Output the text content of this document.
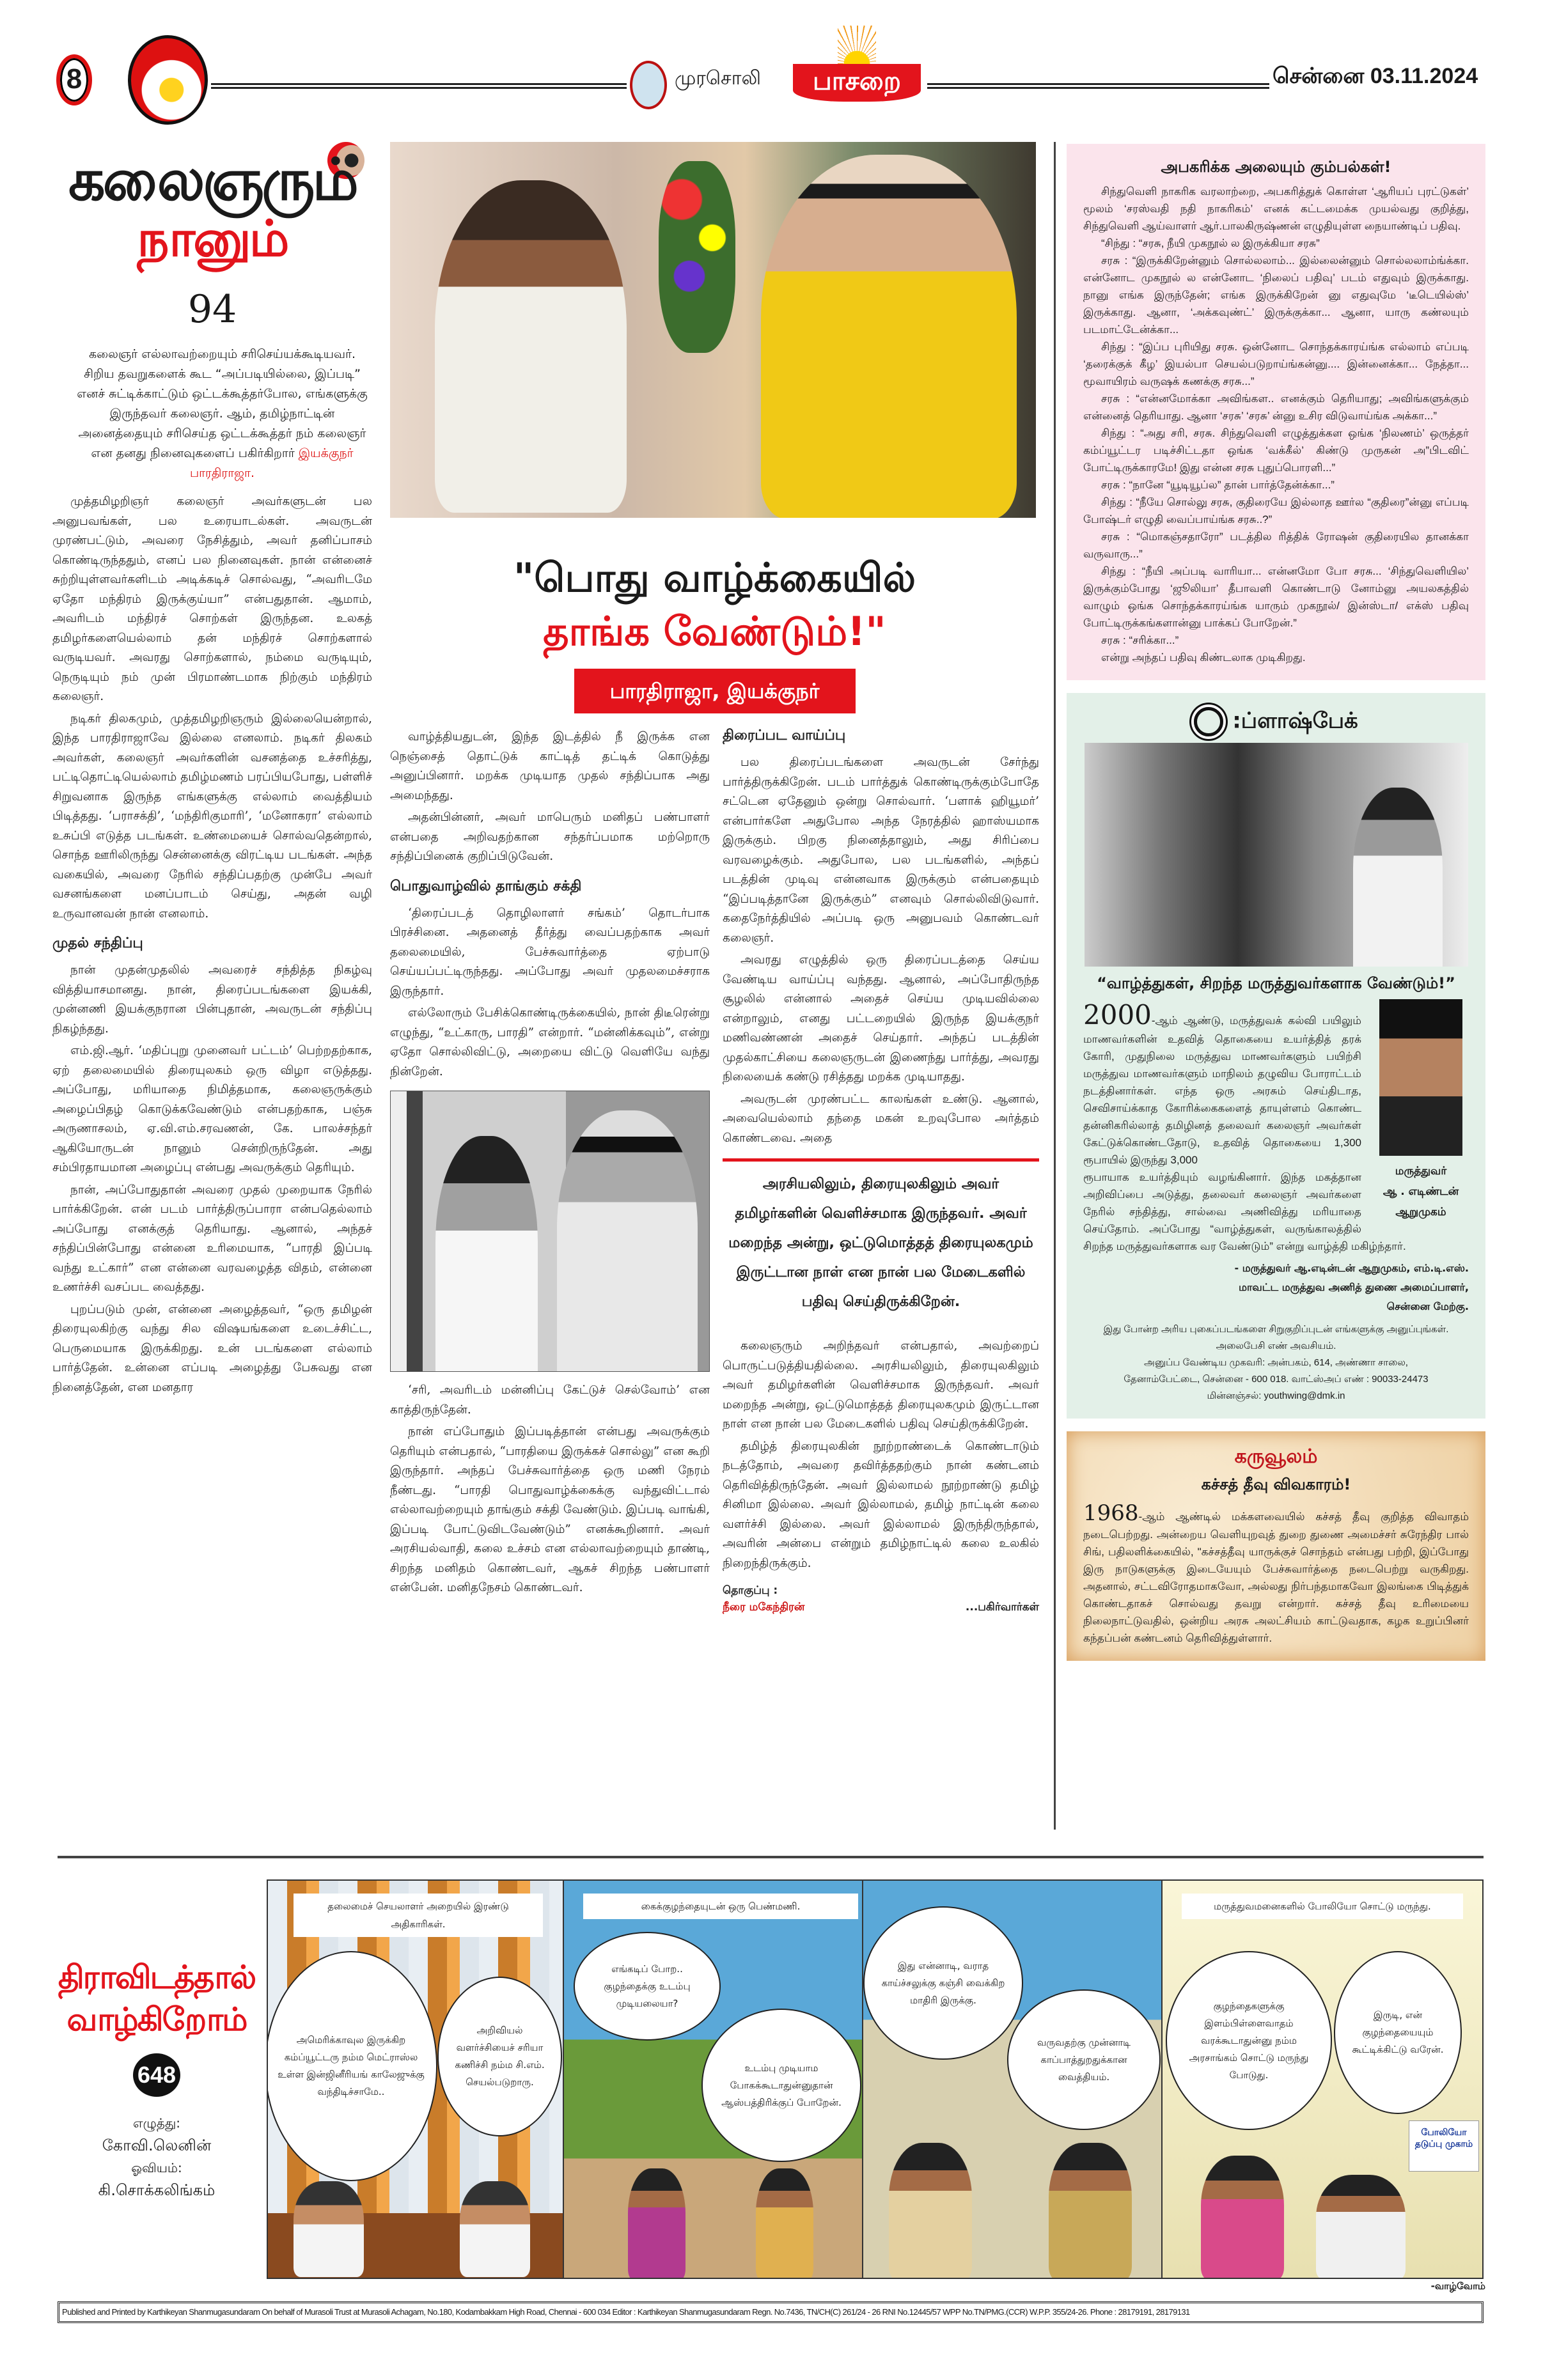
8	முரசொலி	பாசறை	சென்னை 03.11.2024
கலைஞரும்
நானும்
94
கலைஞர் எல்லாவற்றையும் சரிசெய்யக்கூடியவர். சிறிய தவறுகளைக் கூட “அப்படியில்லை, இப்படி” எனச் சுட்டிக்காட்டும் ஒட்டக்கூத்தர்போல, எங்களுக்கு இருந்தவர் கலைஞர். ஆம், தமிழ்நாட்டின் அனைத்தையும் சரிசெய்த ஒட்டக்கூத்தர் நம் கலைஞர் என தனது நினைவுகளைப் பகிர்கிறார் இயக்குநர் பாரதிராஜா.

முத்தமிழறிஞர் கலைஞர் அவர்களுடன் பல அனுபவங்கள், பல உரையாடல்கள். அவருடன் முரண்பட்டும், அவரை நேசித்தும், அவர் தனிப்பாசம் கொண்டிருந்ததும், எனப் பல நினைவுகள். நான் என்னைச் சுற்றியுள்ளவர்களிடம் அடிக்கடிச் சொல்வது, “அவரிடமே ஏதோ மந்திரம் இருக்குய்யா” என்பதுதான். ஆமாம், அவரிடம் மந்திரச் சொற்கள் இருந்தன. உலகத் தமிழர்களையெல்லாம் தன் மந்திரச் சொற்களால் வருடியவர். அவரது சொற்களால், நம்மை வருடியும், நெருடியும் நம் முன் பிரமாண்டமாக நிற்கும் மந்திரம் கலைஞர்.

நடிகர் திலகமும், முத்தமிழறிஞரும் இல்லையென்றால், இந்த பாரதிராஜாவே இல்லை எனலாம். நடிகர் திலகம் அவர்கள், கலைஞர் அவர்களின் வசனத்தை உச்சரித்து, பட்டிதொட்டியெல்லாம் தமிழ்மணம் பரப்பியபோது, பள்ளிச் சிறுவனாக இருந்த எங்களுக்கு எல்லாம் வைத்தியம் பிடித்தது. ‘பராசக்தி’, ‘மந்திரிகுமாரி’, ‘மனோகரா’ எல்லாம் உசுப்பி எடுத்த படங்கள். உண்மையைச் சொல்வதென்றால், சொந்த ஊரிலிருந்து சென்னைக்கு விரட்டிய படங்கள். அந்த வகையில், அவரை நேரில் சந்திப்பதற்கு முன்பே அவர் வசனங்களை மனப்பாடம் செய்து, அதன் வழி உருவானவன் நான் எனலாம்.

முதல் சந்திப்பு

நான் முதன்முதலில் அவரைச் சந்தித்த நிகழ்வு வித்தியாசமானது. நான், திரைப்படங்களை இயக்கி, முன்னணி இயக்குநரான பின்புதான், அவருடன் சந்திப்பு நிகழ்ந்தது.

எம்.ஜி.ஆர். ‘மதிப்புறு முனைவர் பட்டம்’ பெற்றதற்காக, ஏற் தலைமையில் திரையுலகம் ஒரு விழா எடுத்தது. அப்போது, மரியாதை நிமித்தமாக, கலைஞருக்கும் அழைப்பிதழ் கொடுக்கவேண்டும் என்பதற்காக, பஞ்சு அருணாசலம், ஏ.வி.எம்.சரவணன், கே. பாலச்சந்தர் ஆகியோருடன் நானும் சென்றிருந்தேன். அது சம்பிரதாயமான அழைப்பு என்பது அவருக்கும் தெரியும்.

நான், அப்போதுதான் அவரை முதல் முறையாக நேரில் பார்க்கிறேன். என் படம் பார்த்திருப்பாரா என்பதெல்லாம் அப்போது எனக்குத் தெரியாது. ஆனால், அந்தச் சந்திப்பின்போது என்னை உரிமையாக, “பாரதி இப்படி வந்து உட்கார்” என என்னை வரவழைத்த விதம், என்னை உணர்ச்சி வசப்பட வைத்தது.

புறப்படும் முன், என்னை அழைத்தவர், “ஒரு தமிழன் திரையுலகிற்கு வந்து சில விஷயங்களை உடைச்சிட்ட, பெருமையாக இருக்கிறது. உன் படங்களை எல்லாம் பார்த்தேன். உன்னை எப்படி அழைத்து பேசுவது என நினைத்தேன், என மனதார

"பொது வாழ்க்கையில்
தாங்க வேண்டும்!"
பாரதிராஜா, இயக்குநர்

வாழ்த்தியதுடன், இந்த இடத்தில் நீ இருக்க என நெஞ்சைத் தொட்டுக் காட்டித் தட்டிக் கொடுத்து அனுப்பினார். மறக்க முடியாத முதல் சந்திப்பாக அது அமைந்தது.

அதன்பின்னர், அவர் மாபெரும் மனிதப் பண்பாளர் என்பதை அறிவதற்கான சந்தர்ப்பமாக மற்றொரு சந்திப்பினைக் குறிப்பிடுவேன்.

பொதுவாழ்வில் தாங்கும் சக்தி

‘திரைப்படத் தொழிலாளர் சங்கம்’ தொடர்பாக பிரச்சினை. அதனைத் தீர்த்து வைப்பதற்காக அவர் தலைமையில், பேச்சுவார்த்தை ஏற்பாடு செய்யப்பட்டிருந்தது. அப்போது அவர் முதலமைச்சராக இருந்தார்.

எல்லோரும் பேசிக்கொண்டிருக்கையில், நான் திடீரென்று எழுந்து, “உட்காரு, பாரதி” என்றார். “மன்னிக்கவும்”, என்று ஏதோ சொல்லிவிட்டு, அறையை விட்டு வெளியே வந்து நின்றேன்.

‘சரி, அவரிடம் மன்னிப்பு கேட்டுச் செல்வோம்’ என காத்திருந்தேன்.

நான் எப்போதும் இப்படித்தான் என்பது அவருக்கும் தெரியும் என்பதால், “பாரதியை இருக்கச் சொல்லு” என கூறி இருந்தார். அந்தப் பேச்சுவார்த்தை ஒரு மணி நேரம் நீண்டது. “பாரதி பொதுவாழ்க்கைக்கு வந்துவிட்டால் எல்லாவற்றையும் தாங்கும் சக்தி வேண்டும். இப்படி வாங்கி, இப்படி போட்டுவிடவேண்டும்” எனக்கூறினார். அவர் அரசியல்வாதி, கலை உச்சம் என எல்லாவற்றையும் தாண்டி, சிறந்த மனிதம் கொண்டவர், ஆகச் சிறந்த பண்பாளர் என்பேன். மனிதநேசம் கொண்டவர்.

திரைப்பட வாய்ப்பு

பல திரைப்படங்களை அவருடன் சேர்ந்து பார்த்திருக்கிறேன். படம் பார்த்துக் கொண்டிருக்கும்போதே சட்டென ஏதேனும் ஒன்று சொல்வார். ‘பளாக் ஹியூமர்’ என்பார்களே அதுபோல அந்த நேரத்தில் ஹாஸ்யமாக இருக்கும். பிறகு நினைத்தாலும், அது சிரிப்பை வரவழைக்கும். அதுபோல, பல படங்களில், அந்தப் படத்தின் முடிவு என்னவாக இருக்கும் என்பதையும் “இப்படித்தானே இருக்கும்” எனவும் சொல்லிவிடுவார். கதைநேர்த்தியில் அப்படி ஒரு அனுபவம் கொண்டவர் கலைஞர்.

அவரது எழுத்தில் ஒரு திரைப்படத்தை செய்ய வேண்டிய வாய்ப்பு வந்தது. ஆனால், அப்போதிருந்த சூழலில் என்னால் அதைச் செய்ய முடியவில்லை என்றாலும், எனது பட்டறையில் இருந்த இயக்குநர் மணிவண்ணன் அதைச் செய்தார். அந்தப் படத்தின் முதல்காட்சியை கலைஞருடன் இணைந்து பார்த்து, அவரது நிலையைக் கண்டு ரசித்தது மறக்க முடியாதது.

அவருடன் முரண்பட்ட காலங்கள் உண்டு. ஆனால், அவையெல்லாம் தந்தை மகன் உறவுபோல அர்த்தம் கொண்டவை. அதை

அரசியலிலும், திரையுலகிலும் அவர் தமிழர்களின் வெளிச்சமாக இருந்தவர். அவர் மறைந்த அன்று, ஒட்டுமொத்தத் திரையுலகமும் இருட்டான நாள் என நான் பல மேடைகளில் பதிவு செய்திருக்கிறேன்.

கலைஞரும் அறிந்தவர் என்பதால், அவற்றைப் பொருட்படுத்தியதில்லை. அரசியலிலும், திரையுலகிலும் அவர் தமிழர்களின் வெளிச்சமாக இருந்தவர். அவர் மறைந்த அன்று, ஒட்டுமொத்தத் திரையுலகமும் இருட்டான நாள் என நான் பல மேடைகளில் பதிவு செய்திருக்கிறேன்.

தமிழ்த் திரையுலகின் நூற்றாண்டைக் கொண்டாடும் நடத்தோம், அவரை தவிர்த்ததற்கும் நான் கண்டனம் தெரிவித்திருந்தேன். அவர் இல்லாமல் நூற்றாண்டு தமிழ் சினிமா இல்லை. அவர் இல்லாமல், தமிழ் நாட்டின் கலை வளர்ச்சி இல்லை. அவர் இல்லாமல் இருந்திருந்தால், அவரின் அன்பை என்றும் தமிழ்நாட்டில் கலை உலகில் நிறைந்திருக்கும்.

தொகுப்பு :
நீரை மகேந்திரன்	...பகிர்வார்கள்
அபகரிக்க அலையும் கும்பல்கள்!

சிந்துவெளி நாகரிக வரலாற்றை, அபகரித்துக் கொள்ள ‘ஆரியப் புரட்டுகள்’ மூலம் ‘சரஸ்வதி நதி நாகரிகம்’ எனக் கட்டமைக்க முயல்வது குறித்து, சிந்துவெளி ஆய்வாளர் ஆர்.பாலகிருஷ்ணன் எழுதியுள்ள நையாண்டிப் பதிவு.

“சிந்து : “சரசு, நீயி முகநூல் ல இருக்கியா சரசு”

சரசு : “இருக்கிறேன்னும் சொல்லலாம்... இல்லைன்னும் சொல்லலாம்ங்க்கா. என்னோட முகநூல் ல என்னோட ‘நிலைப் பதிவு’ படம் எதுவும் இருக்காது. நானு எங்க இருந்தேன்; எங்க இருக்கிறேன் னு எதுவுமே ‘டீடெயில்ஸ்’ இருக்காது. ஆனா, ‘அக்கவுண்ட்’ இருக்குக்கா... ஆனா, யாரு கண்லயும் படமாட்டேன்க்கா...

சிந்து : “இப்ப புரியிது சரசு. ஒன்னோட சொந்தக்காரய்ங்க எல்லாம் எப்படி ‘தரைக்குக் கீழ’ இயல்பா செயல்படுறாய்ங்கன்னு.... இன்னைக்கா... நேத்தா... மூவாயிரம் வருஷக் கணக்கு சரசு...”

சரசு : “என்னமோக்கா அவிங்கள.. எனக்கும் தெரியாது; அவிங்களுக்கும் என்னைத் தெரியாது. ஆனா ‘சரசு’ ‘சரசு’ ன்னு உசிர விடுவாய்ங்க அக்கா...”

சிந்து : “அது சரி, சரசு. சிந்துவெளி எழுத்துக்கள ஒங்க ‘நிலணம்’ ஒருத்தர் கம்ப்யூட்டர படிச்சிட்டதா ஒங்க ‘வக்கீல்’ கிண்டு முருகன் அ”பிடவிட் போட்டிருக்காரமே! இது என்ன சரசு புதுப்பொரளி...”

சரசு : “நானே “யூடியூப்ல” தான் பார்த்தேன்க்கா...”

சிந்து : “நீயே சொல்லு சரசு, குதிரையே இல்லாத ஊர்ல “குதிரை”ன்னு எப்படி போஷ்டர் எழுதி வைப்பாய்ங்க சரசு..?”

சரசு : “மொகஞ்சதாரோ” படத்தில ரித்திக் ரோஷன் குதிரையில தானக்கா வருவாரு...”

சிந்து : “நீயி அப்படி வாரியா... என்னமோ போ சரசு... ‘சிந்துவெளியில’ இருக்கும்போது ‘ஜூலியா’ தீபாவளி கொண்டாடு னோம்னு அயலகத்தில் வாழும் ஒங்க சொந்தக்காரய்ங்க யாரும் முகநூல்/ இன்ஸ்டா/ எக்ஸ் பதிவு போட்டிருக்கங்களான்னு பாக்கப் போறேன்.”

சரசு : “சரிக்கா...”

என்று அந்தப் பதிவு கிண்டலாக முடிகிறது.

:ப்ளாஷ்பேக்
“வாழ்த்துகள், சிறந்த மருத்துவர்களாக வேண்டும்!”
மருத்துவர்
ஆ . எடிண்டன்
ஆறுமுகம்
2000-ஆம் ஆண்டு, மருத்துவக் கல்வி பயிலும் மாணவர்களின் உதவித் தொகையை உயர்த்தித் தரக் கோரி, முதுநிலை மருத்துவ மாணவர்களும் பயிற்சி மருத்துவ மாணவர்களும் மாநிலம் தழுவிய போராட்டம் நடத்தினார்கள். எந்த ஒரு அரசும் செய்திடாத, செவிசாய்க்காத கோரிக்கைகளைத் தாயுள்ளம் கொண்ட தன்னிகரில்லாத் தமிழினத் தலைவர் கலைஞர் அவர்கள் கேட்டுக்கொண்டதோடு, உதவித் தொகையை 1,300 ரூபாயில் இருந்து 3,000
ரூபாயாக உயர்த்தியும் வழங்கினார். இந்த மகத்தான அறிவிப்பை அடுத்து, தலைவர் கலைஞர் அவர்களை நேரில் சந்தித்து, சால்வை அணிவித்து மரியாதை செய்தோம். அப்போது “வாழ்த்துகள், வருங்காலத்தில் சிறந்த மருத்துவர்களாக வர வேண்டும்” என்று வாழ்த்தி மகிழ்ந்தார்.
- மருத்துவர் ஆ.எடின்டன் ஆறுமுகம், எம்.டி.எஸ்.
மாவட்ட மருத்துவ அணித் துணை அமைப்பாளர்,
சென்னை மேற்கு.
இது போன்ற அரிய புகைப்படங்களை சிறுகுறிப்புடன் எங்களுக்கு அனுப்புங்கள். அலைபேசி எண் அவசியம்.
அனுப்ப வேண்டிய முகவரி: அன்பகம், 614, அண்ணா சாலை,
தேனாம்பேட்டை, சென்னை - 600 018. வாட்ஸ்அப் எண் : 90033-24473
மின்னஞ்சல்: youthwing@dmk.in
கருவூலம்
கச்சத் தீவு விவகாரம்!
1968-ஆம் ஆண்டில் மக்களவையில் கச்சத் தீவு குறித்த விவாதம் நடைபெற்றது. அன்றைய வெளியுறவுத் துறை துணை அமைச்சர் சுரேந்திர பால் சிங், பதிலளிக்கையில், "கச்சத்தீவு யாருக்குச் சொந்தம் என்பது பற்றி, இப்போது இரு நாடுகளுக்கு இடையேயும் பேச்சுவார்த்தை நடைபெற்று வருகிறது. அதனால், சட்டவிரோதமாகவோ, அல்லது நிர்பந்தமாகவோ இலங்கை பிடித்துக் கொண்டதாகச் சொல்வது தவறு என்றார். கச்சத் தீவு உரிமையை நிலைநாட்டுவதில், ஒன்றிய அரசு அலட்சியம் காட்டுவதாக, கழக உறுப்பினர் கந்தப்பன் கண்டனம் தெரிவித்துள்ளார்.
திராவிடத்தால்
வாழ்கிறோம்
648
எழுத்து:
கோவி.லெனின்
ஓவியம்:
கி.சொக்கலிங்கம்
தலைமைச் செயலாளர் அறையில் இரண்டு அதிகாரிகள்.
அமெரிக்காவுல இருக்கிற கம்ப்யூட்டரு நம்ம மெட்ராஸ்ல உள்ள இன்ஜினீரியங் காலேஜுக்கு வந்திடிச்சாமே..
அறிவியல் வளர்ச்சியைச் சரியா கணிச்சி நம்ம சி.எம். செயல்படுறாரு.
கைக்குழந்தையுடன் ஒரு பெண்மணி.
எங்கடிப் போற.. குழந்தைக்கு உடம்பு முடியலையா?
உடம்பு முடியாம போகக்கூடாதுன்னுதான் ஆஸ்பத்திரிக்குப் போறேன்.
இது என்னாடி, வராத காய்ச்சலுக்கு கஞ்சி வைக்கிற மாதிரி இருக்கு.
வருவதற்கு முன்னாடி காப்பாத்துறதுக்கான வைத்தியம்.
மருத்துவமனைகளில் போலியோ சொட்டு மருந்து.
குழந்தைகளுக்கு இளம்பிள்ளைவாதம் வரக்கூடாதுன்னு நம்ம அரசாங்கம் சொட்டு மருந்து போடுது.
இருடி, என் குழந்தையையும் கூட்டிக்கிட்டு வரேன்.
போலியோ தடுப்பு முகாம்
-வாழ்வோம்
Published and Printed by Karthikeyan Shanmugasundaram On behalf of Murasoli Trust at Murasoli Achagam, No.180, Kodambakkam High Road, Chennai - 600 034 Editor : Karthikeyan Shanmugasundaram Regn. No.7436, TN/CH(C) 261/24 - 26 RNI No.12445/57 WPP No.TN/PMG.(CCR) W.P.P. 355/24-26. Phone : 28179191, 28179131
